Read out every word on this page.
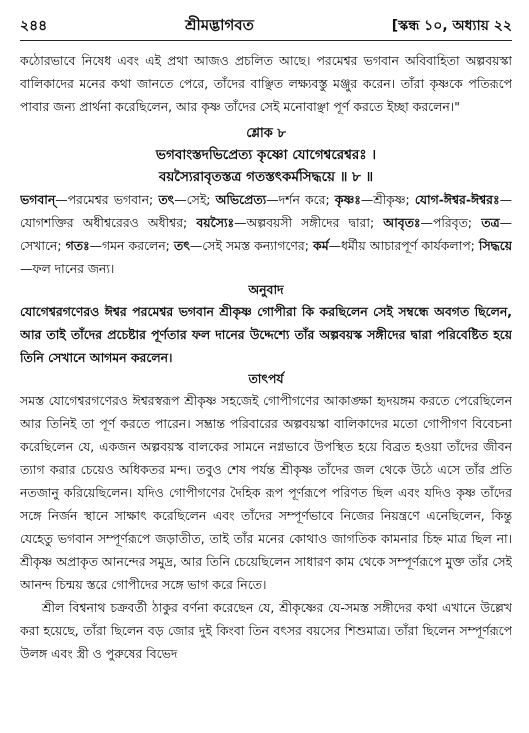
২৪৪	শ্রীমদ্ভাগবত	[স্কন্ধ ১০, অধ্যায় ২২

কঠোরভাবে নিষেধ এবং এই প্রথা আজও প্রচলিত আছে। পরমেশ্বর ভগবান অবিবাহিতা অল্পবয়স্কা বালিকাদের মনের কথা জানতে পেরে, তাঁদের বাঞ্ছিত লক্ষ্যবস্তু মঞ্জুর করেন। তাঁরা কৃষ্ণকে পতিরূপে পাবার জন্য প্রার্থনা করেছিলেন, আর কৃষ্ণ তাঁদের সেই মনোবাঞ্ছা পূর্ণ করতে ইচ্ছা করলেন।"

শ্লোক ৮

ভগবাংস্তদভিপ্রেত্য কৃষ্ণো যোগেশ্বরেশ্বরঃ ।

বয়স্যৈরাবৃতস্তত্র গতস্তৎকর্মসিদ্ধয়ে ॥ ৮ ॥

ভগবান্—পরমেশ্বর ভগবান; তৎ—সেই; অভিপ্রেত্য—দর্শন করে; কৃষ্ণঃ—শ্রীকৃষ্ণ; যোগ-ঈশ্বর-ঈশ্বরঃ—যোগশক্তির অধীশ্বরেরও অধীশ্বর; বয়স্যৈঃ—অল্পবয়সী সঙ্গীদের দ্বারা; আবৃতঃ—পরিবৃত; তত্র—সেখানে; গতঃ—গমন করলেন; তৎ—সেই সমস্ত কন্যাগণের; কর্ম—ধর্মীয় আচারপূর্ণ কার্যকলাপ; সিদ্ধয়ে—ফল দানের জন্য।

অনুবাদ

যোগেশ্বরগণেরও ঈশ্বর পরমেশ্বর ভগবান শ্রীকৃষ্ণ গোপীরা কি করছিলেন সেই সম্বন্ধে অবগত ছিলেন, আর তাই তাঁদের প্রচেষ্টার পূর্ণতার ফল দানের উদ্দেশ্যে তাঁর অল্পবয়স্ক সঙ্গীদের দ্বারা পরিবেষ্টিত হয়ে তিনি সেখানে আগমন করলেন।

তাৎপর্য

সমস্ত যোগেশ্বরগণেরও ঈশ্বরস্বরূপ শ্রীকৃষ্ণ সহজেই গোপীগণের আকাঙ্ক্ষা হৃদয়ঙ্গম করতে পেরেছিলেন আর তিনিই তা পূর্ণ করতে পারেন। সম্ভ্রান্ত পরিবারের অল্পবয়স্কা বালিকাদের মতো গোপীগণ বিবেচনা করেছিলেন যে, একজন অল্পবয়স্ক বালকের সামনে নগ্নভাবে উপস্থিত হয়ে বিব্রত হওয়া তাঁদের জীবন ত্যাগ করার চেয়েও অধিকতর মন্দ। তবুও শেষ পর্যন্ত শ্রীকৃষ্ণ তাঁদের জল থেকে উঠে এসে তাঁর প্রতি নতজানু করিয়েছিলেন। যদিও গোপীগণের দৈহিক রূপ পূর্ণরূপে পরিণত ছিল এবং যদিও কৃষ্ণ তাঁদের সঙ্গে নির্জন স্থানে সাক্ষাৎ করেছিলেন এবং তাঁদের সম্পূর্ণভাবে নিজের নিয়ন্ত্রণে এনেছিলেন, কিন্তু যেহেতু ভগবান সম্পূর্ণরূপে জড়াতীত, তাই তাঁর মনের কোথাও জাগতিক কামনার চিহ্ন মাত্র ছিল না। শ্রীকৃষ্ণ অপ্রাকৃত আনন্দের সমুদ্র, আর তিনি চেয়েছিলেন সাধারণ কাম থেকে সম্পূর্ণরূপে মুক্ত তাঁর সেই আনন্দ চিন্ময় স্তরে গোপীদের সঙ্গে ভাগ করে নিতে।

শ্রীল বিশ্বনাথ চক্রবর্তী ঠাকুর বর্ণনা করেছেন যে, শ্রীকৃষ্ণের যে-সমস্ত সঙ্গীদের কথা এখানে উল্লেখ করা হয়েছে, তাঁরা ছিলেন বড় জোর দুই কিংবা তিন বৎসর বয়সের শিশুমাত্র। তাঁরা ছিলেন সম্পূর্ণরূপে উলঙ্গ এবং স্ত্রী ও পুরুষের বিভেদ
